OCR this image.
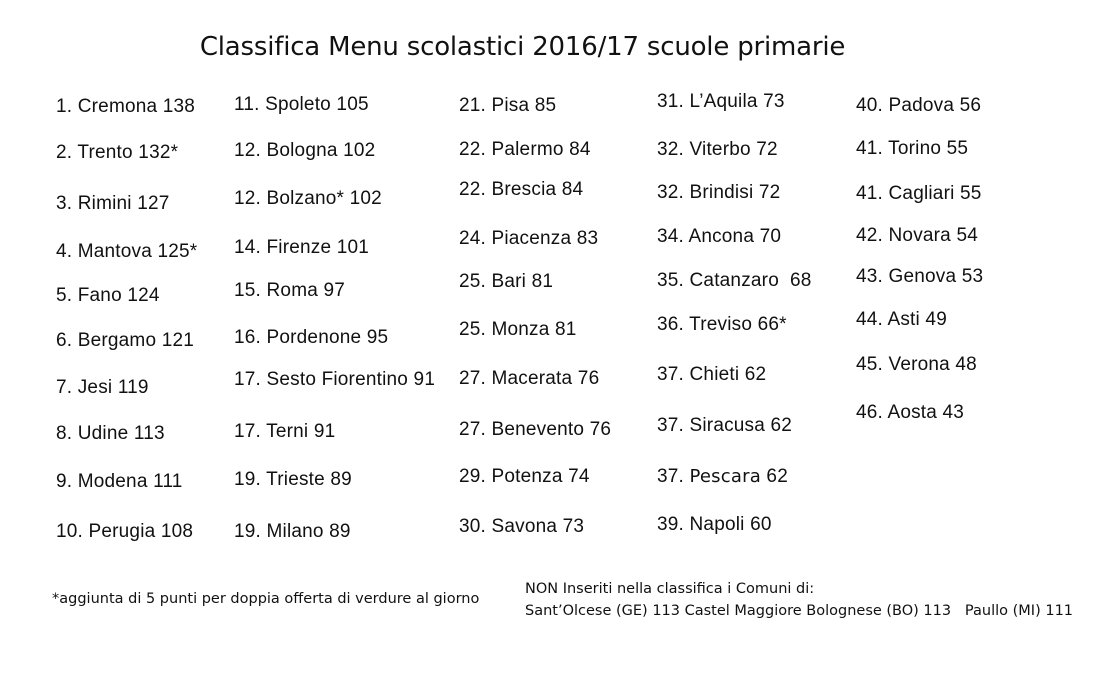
Classifica Menu scolastici 2016/17 scuole primarie
1. Cremona 138
2. Trento 132*
3. Rimini 127
4. Mantova 125*
5. Fano 124
6. Bergamo 121
7. Jesi 119
8. Udine 113
9. Modena 111
10. Perugia 108
11. Spoleto 105
12. Bologna 102
12. Bolzano* 102
14. Firenze 101
15. Roma 97
16. Pordenone 95
17. Sesto Fiorentino 91
17. Terni 91
19. Trieste 89
19. Milano 89
21. Pisa 85
22. Palermo 84
22. Brescia 84
24. Piacenza 83
25. Bari 81
25. Monza 81
27. Macerata 76
27. Benevento 76
29. Potenza 74
30. Savona 73
31. L’Aquila 73
32. Viterbo 72
32. Brindisi 72
34. Ancona 70
35. Catanzaro  68
36. Treviso 66*
37. Chieti 62
37. Siracusa 62
37. Pescara 62
39. Napoli 60
40. Padova 56
41. Torino 55
41. Cagliari 55
42. Novara 54
43. Genova 53
44. Asti 49
45. Verona 48
46. Aosta 43
*aggiunta di 5 punti per doppia offerta di verdure al giorno
NON Inseriti nella classifica i Comuni di:
Sant’Olcese (GE) 113 Castel Maggiore Bolognese (BO) 113   Paullo (MI) 111
